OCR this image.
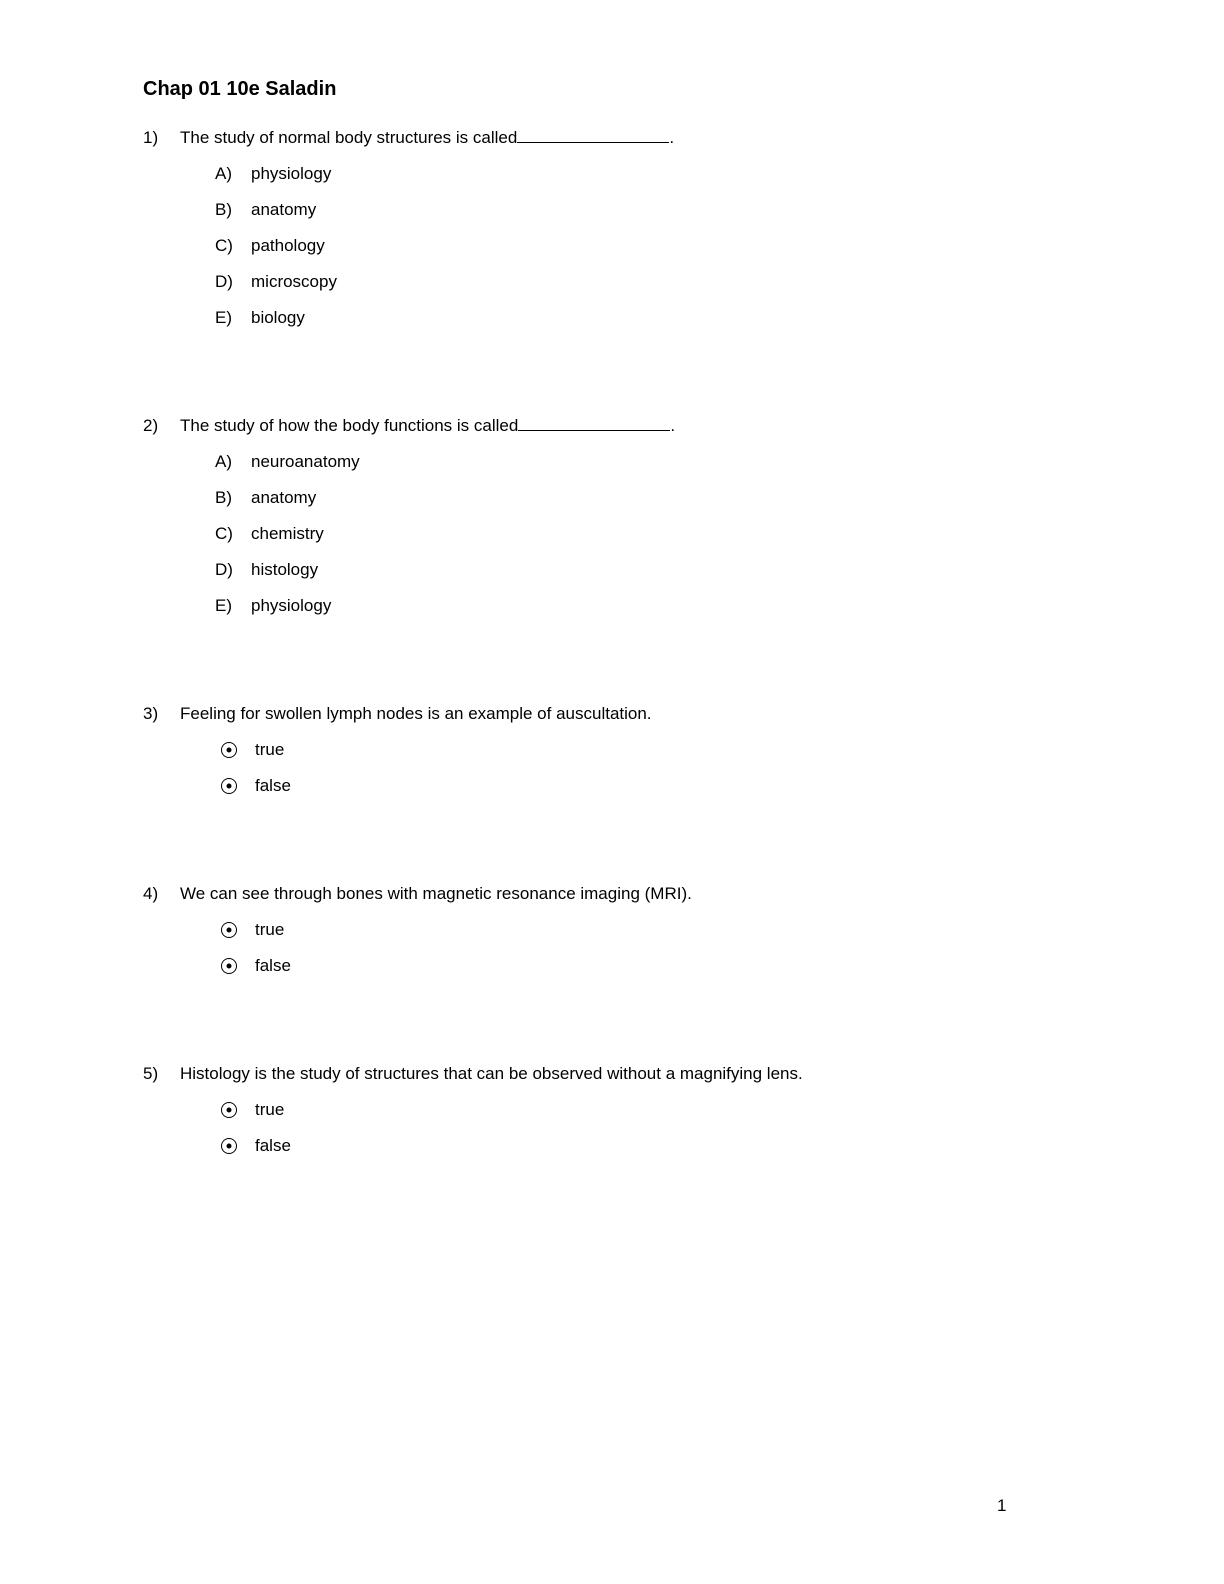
Chap 01 10e Saladin
1)	The study of normal body structures is called	.
A)	physiology
B)	anatomy
C)	pathology
D)	microscopy
E)	biology
2)	The study of how the body functions is called	.
A)	neuroanatomy
B)	anatomy
C)	chemistry
D)	histology
E)	physiology
3)	Feeling for swollen lymph nodes is an example of auscultation.
true
false
4)	We can see through bones with magnetic resonance imaging (MRI).
true
false
5)	Histology is the study of structures that can be observed without a magnifying lens.
true
false
1
